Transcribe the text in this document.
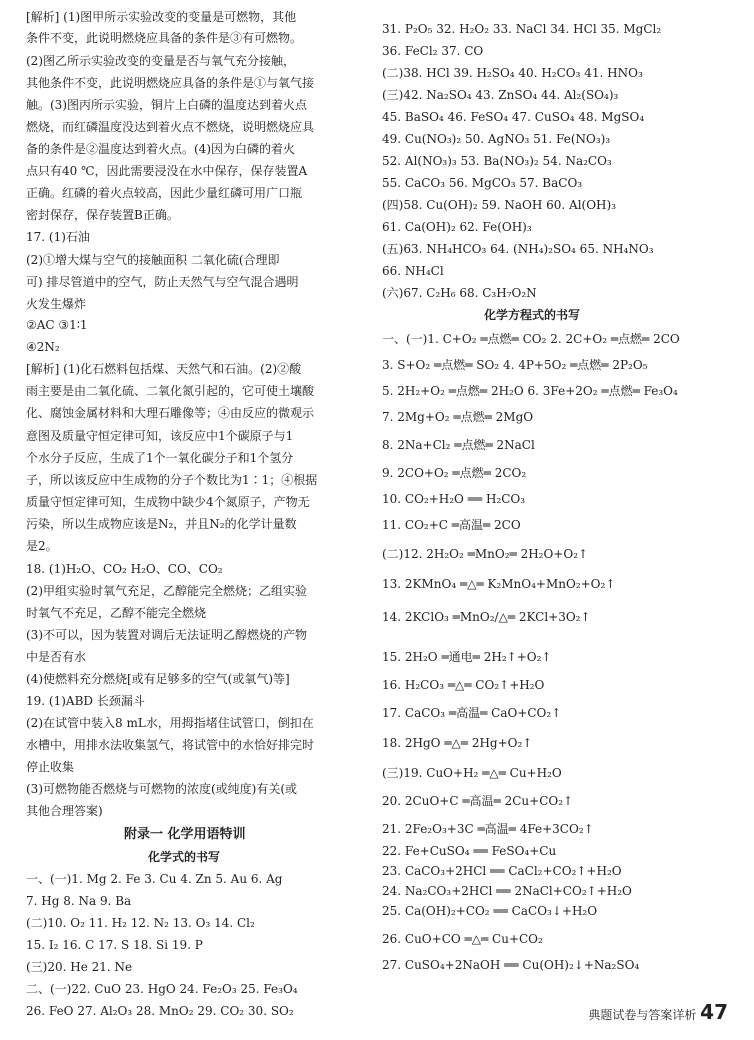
[解析] (1)图甲所示实验改变的变量是可燃物，其他
条件不变，此说明燃烧应具备的条件是③有可燃物。
(2)图乙所示实验改变的变量是否与氧气充分接触，
其他条件不变，此说明燃烧应具备的条件是①与氧气接
触。(3)图丙所示实验，铜片上白磷的温度达到着火点
燃烧，而红磷温度没达到着火点不燃烧，说明燃烧应具
备的条件是②温度达到着火点。(4)因为白磷的着火
点只有40 ℃，因此需要浸没在水中保存，保存装置A
正确。红磷的着火点较高，因此少量红磷可用广口瓶
密封保存，保存装置B正确。
17. (1)石油
(2)①增大煤与空气的接触面积 二氧化硫(合理即
可) 排尽管道中的空气，防止天然气与空气混合遇明
火发生爆炸
②AC ③1∶1
④2N₂
[解析] (1)化石燃料包括煤、天然气和石油。(2)②酸
雨主要是由二氧化硫、二氧化氮引起的，它可使土壤酸
化、腐蚀金属材料和大理石雕像等；④由反应的微观示
意图及质量守恒定律可知，该反应中1个碳原子与1
个水分子反应，生成了1个一氧化碳分子和1个氢分
子，所以该反应中生成物的分子个数比为1∶1；④根据
质量守恒定律可知，生成物中缺少4个氮原子，产物无
污染，所以生成物应该是N₂，并且N₂的化学计量数
是2。
18. (1)H₂O、CO₂ H₂O、CO、CO₂
(2)甲组实验时氧气充足，乙醇能完全燃烧；乙组实验
时氧气不充足，乙醇不能完全燃烧
(3)不可以，因为装置对调后无法证明乙醇燃烧的产物
中是否有水
(4)使燃料充分燃烧[或有足够多的空气(或氧气)等]
19. (1)ABD 长颈漏斗
(2)在试管中装入8 mL水，用拇指堵住试管口，倒扣在
水槽中，用排水法收集氢气，将试管中的水恰好排完时
停止收集
(3)可燃物能否燃烧与可燃物的浓度(或纯度)有关(或
其他合理答案)
附录一 化学用语特训
化学式的书写
一、(一)1. Mg 2. Fe 3. Cu 4. Zn 5. Au 6. Ag
7. Hg 8. Na 9. Ba
(二)10. O₂ 11. H₂ 12. N₂ 13. O₃ 14. Cl₂
15. I₂ 16. C 17. S 18. Si 19. P
(三)20. He 21. Ne
二、(一)22. CuO 23. HgO 24. Fe₂O₃ 25. Fe₃O₄
26. FeO 27. Al₂O₃ 28. MnO₂ 29. CO₂ 30. SO₂
31. P₂O₅ 32. H₂O₂ 33. NaCl 34. HCl 35. MgCl₂
36. FeCl₂ 37. CO
(二)38. HCl 39. H₂SO₄ 40. H₂CO₃ 41. HNO₃
(三)42. Na₂SO₄ 43. ZnSO₄ 44. Al₂(SO₄)₃
45. BaSO₄ 46. FeSO₄ 47. CuSO₄ 48. MgSO₄
49. Cu(NO₃)₂ 50. AgNO₃ 51. Fe(NO₃)₃
52. Al(NO₃)₃ 53. Ba(NO₃)₂ 54. Na₂CO₃
55. CaCO₃ 56. MgCO₃ 57. BaCO₃
(四)58. Cu(OH)₂ 59. NaOH 60. Al(OH)₃
61. Ca(OH)₂ 62. Fe(OH)₃
(五)63. NH₄HCO₃ 64. (NH₄)₂SO₄ 65. NH₄NO₃
66. NH₄Cl
(六)67. C₂H₆ 68. C₃H₇O₂N
化学方程式的书写
一、(一)1. C+O₂ ═点燃═ CO₂ 2. 2C+O₂ ═点燃═ 2CO
3. S+O₂ ═点燃═ SO₂ 4. 4P+5O₂ ═点燃═ 2P₂O₅
5. 2H₂+O₂ ═点燃═ 2H₂O 6. 3Fe+2O₂ ═点燃═ Fe₃O₄
7. 2Mg+O₂ ═点燃═ 2MgO
8. 2Na+Cl₂ ═点燃═ 2NaCl
9. 2CO+O₂ ═点燃═ 2CO₂
10. CO₂+H₂O ══ H₂CO₃
11. CO₂+C ═高温═ 2CO
(二)12. 2H₂O₂ ═MnO₂═ 2H₂O+O₂↑
13. 2KMnO₄ ═△═ K₂MnO₄+MnO₂+O₂↑
14. 2KClO₃ ═MnO₂/△═ 2KCl+3O₂↑
15. 2H₂O ═通电═ 2H₂↑+O₂↑
16. H₂CO₃ ═△═ CO₂↑+H₂O
17. CaCO₃ ═高温═ CaO+CO₂↑
18. 2HgO ═△═ 2Hg+O₂↑
(三)19. CuO+H₂ ═△═ Cu+H₂O
20. 2CuO+C ═高温═ 2Cu+CO₂↑
21. 2Fe₂O₃+3C ═高温═ 4Fe+3CO₂↑
22. Fe+CuSO₄ ══ FeSO₄+Cu
23. CaCO₃+2HCl ══ CaCl₂+CO₂↑+H₂O
24. Na₂CO₃+2HCl ══ 2NaCl+CO₂↑+H₂O
25. Ca(OH)₂+CO₂ ══ CaCO₃↓+H₂O
26. CuO+CO ═△═ Cu+CO₂
27. CuSO₄+2NaOH ══ Cu(OH)₂↓+Na₂SO₄
典题试卷与答案详析 47
